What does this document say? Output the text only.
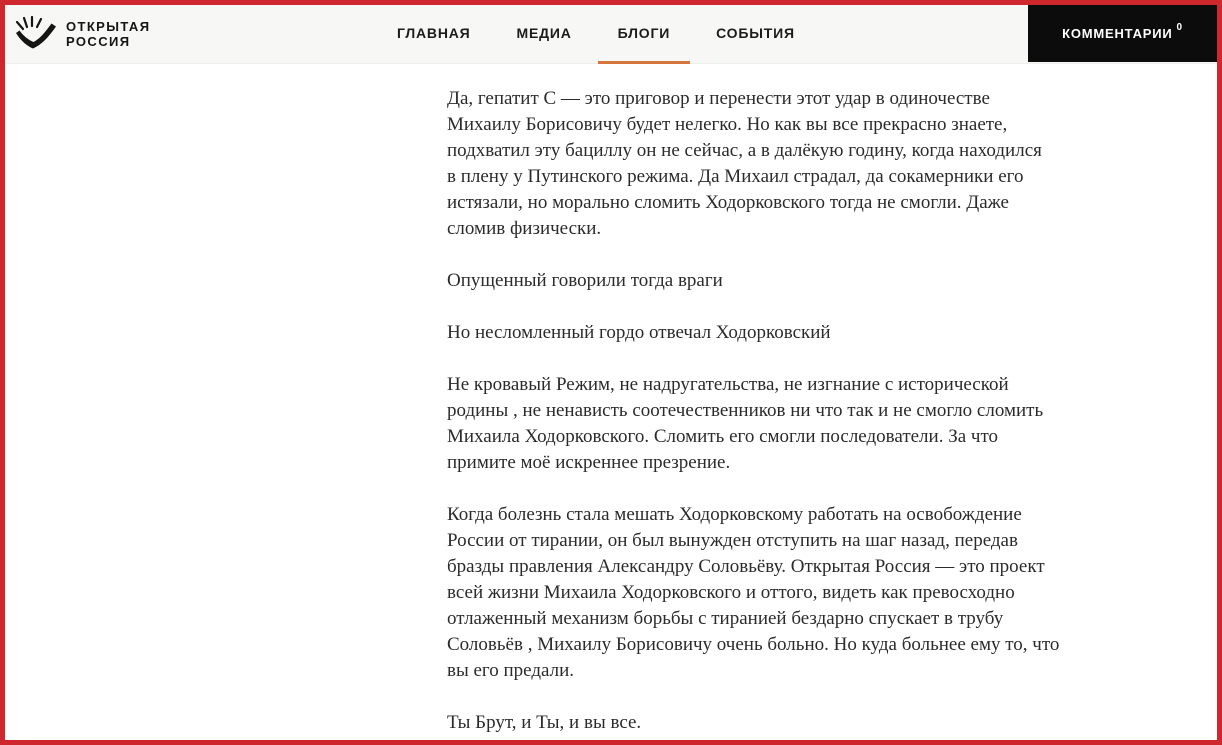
ОТКРЫТАЯ
РОССИЯ
ГЛАВНАЯ	МЕДИА	БЛОГИ	СОБЫТИЯ	КОММЕНТАРИИ 0

Да, гепатит С — это приговор и перенести этот удар в одиночестве
Михаилу Борисовичу будет нелегко. Но как вы все прекрасно знаете,
подхватил эту бациллу он не сейчас, а в далёкую годину, когда находился
в плену у Путинского режима. Да Михаил страдал, да сокамерники его
истязали, но морально сломить Ходорковского тогда не смогли. Даже
сломив физически.

Опущенный говорили тогда враги

Но несломленный гордо отвечал Ходорковский

Не кровавый Режим, не надругательства, не изгнание с исторической
родины , не ненависть соотечественников ни что так и не смогло сломить
Михаила Ходорковского. Сломить его смогли последователи. За что
примите моё искреннее презрение.

Когда болезнь стала мешать Ходорковскому работать на освобождение
России от тирании, он был вынужден отступить на шаг назад, передав
бразды правления Александру Соловьёву. Открытая Россия — это проект
всей жизни Михаила Ходорковского и оттого, видеть как превосходно
отлаженный механизм борьбы с тиранией бездарно спускает в трубу
Соловьёв , Михаилу Борисовичу очень больно. Но куда больнее ему то, что
вы его предали.

Ты Брут, и Ты, и вы все.
